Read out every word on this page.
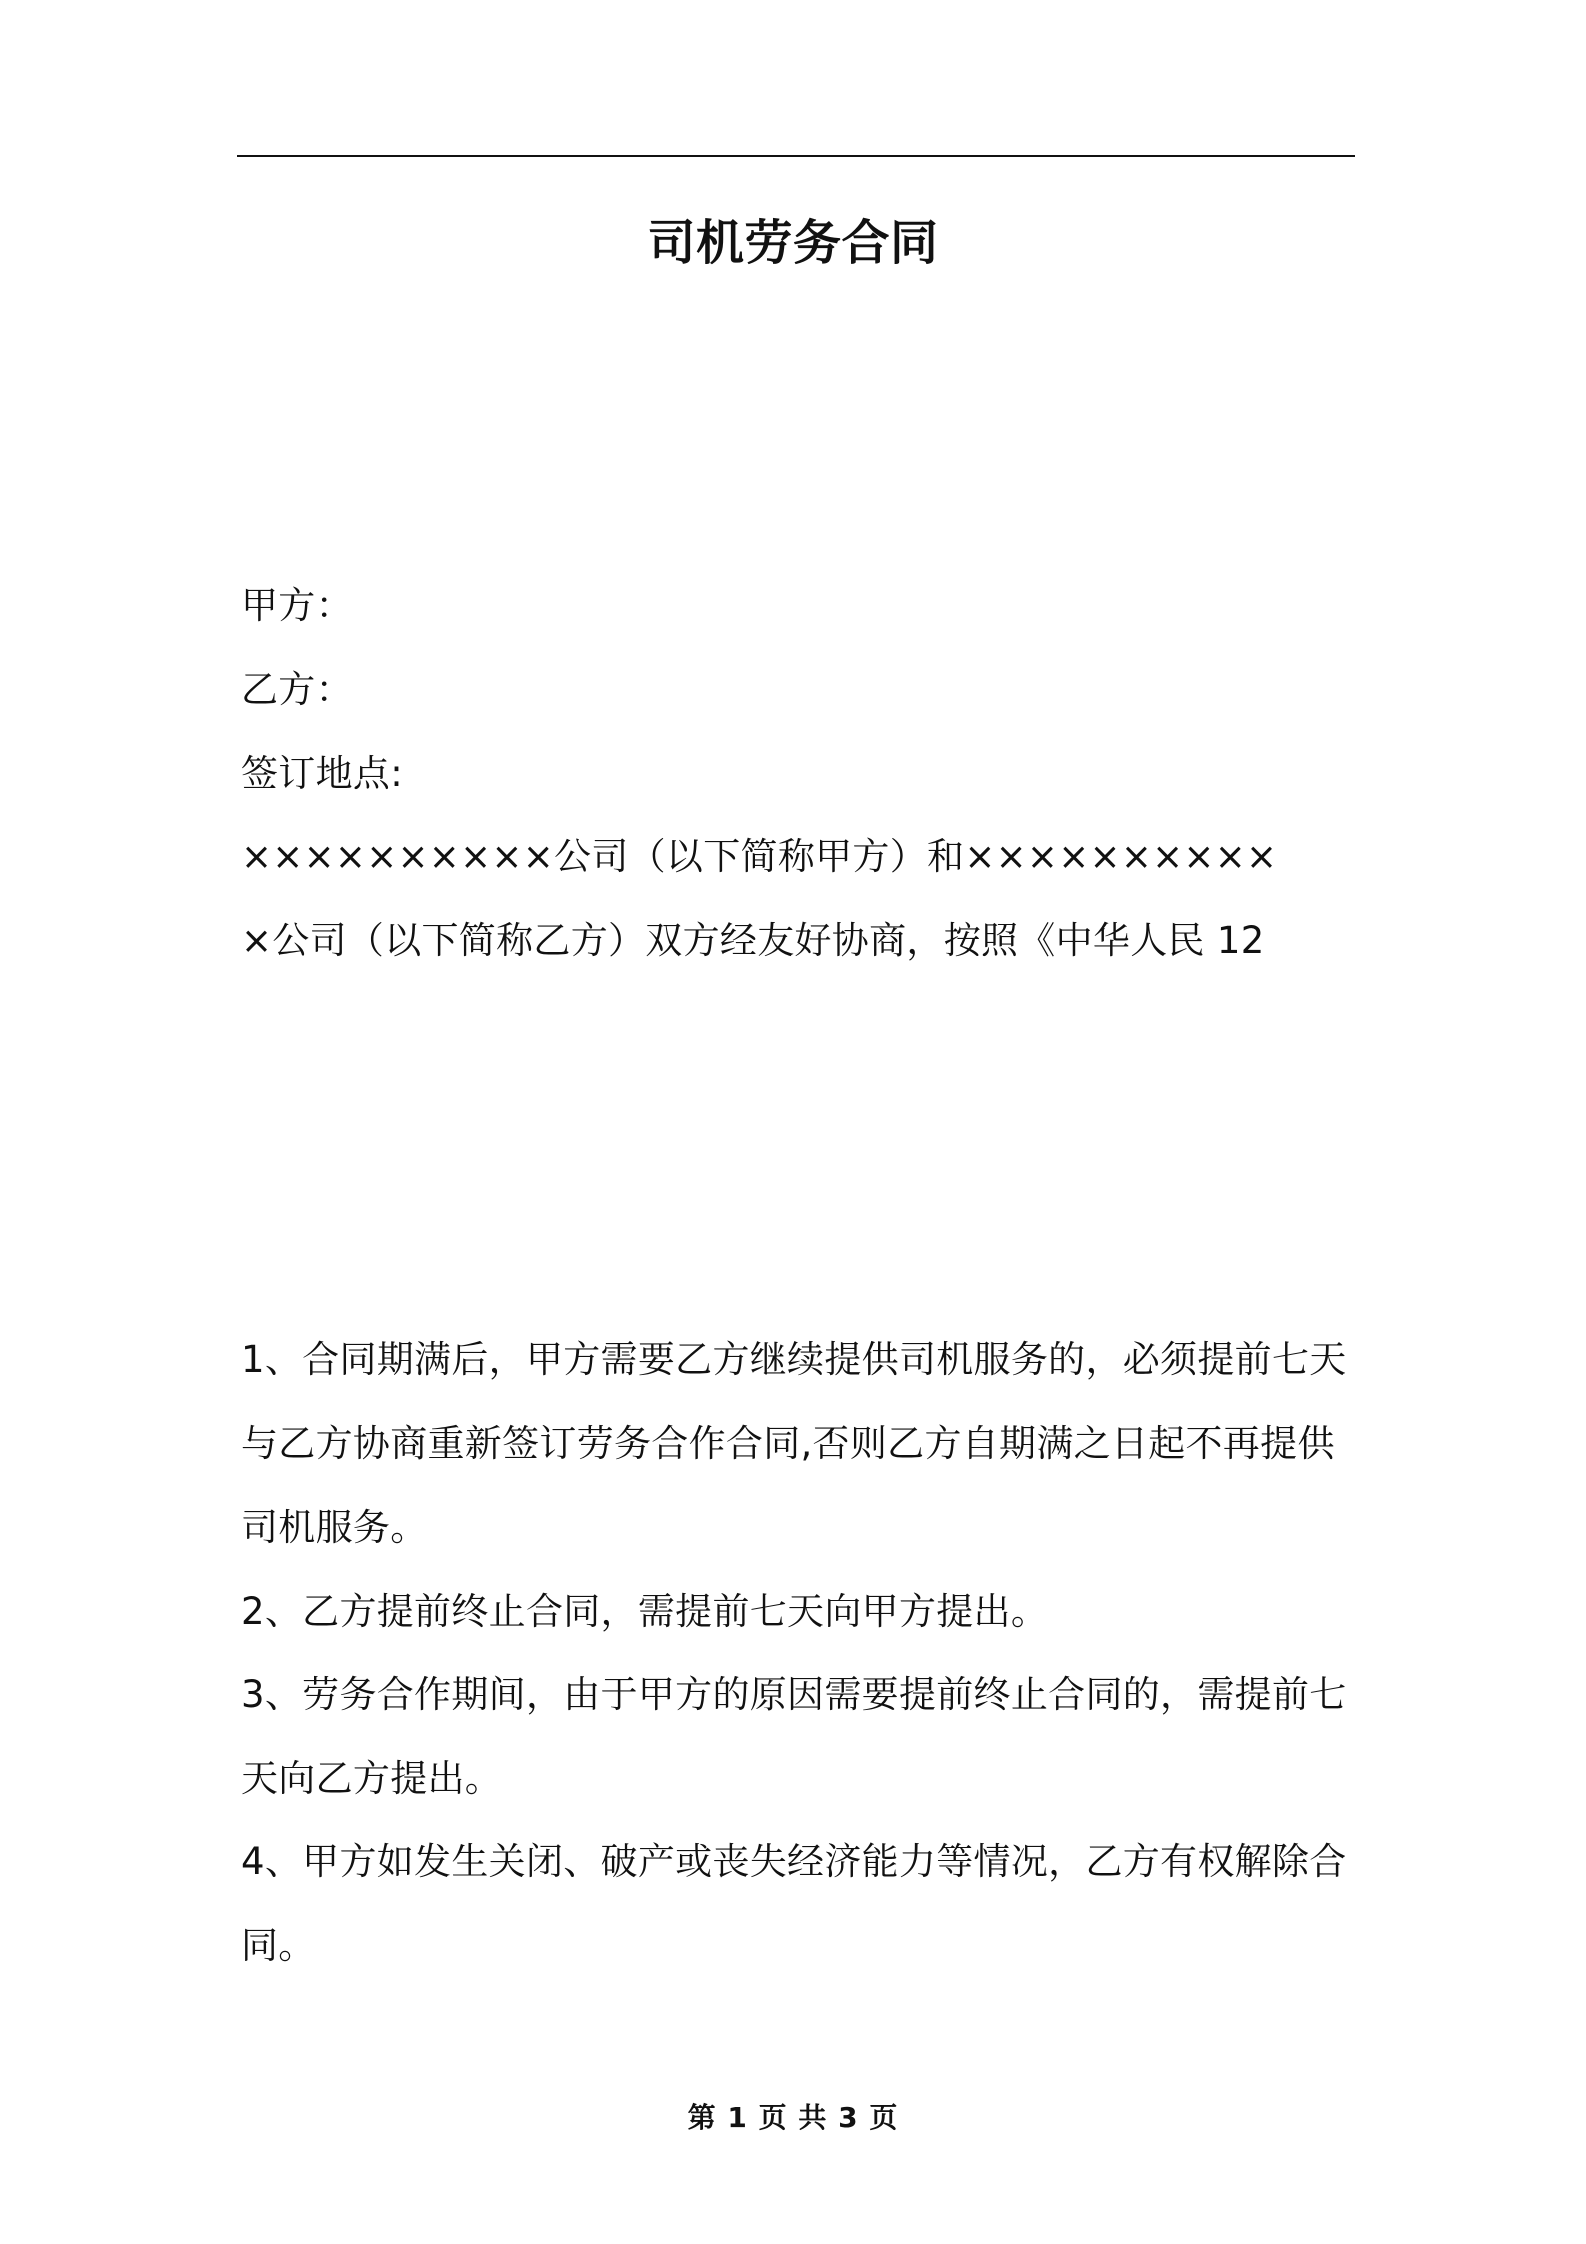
司机劳务合同
甲方：
乙方：
签订地点:
××××××××××公司（以下简称甲方）和××××××××××
×公司（以下简称乙方）双方经友好协商，按照《中华人民 12
1、合同期满后，甲方需要乙方继续提供司机服务的，必须提前七天
与乙方协商重新签订劳务合作合同,否则乙方自期满之日起不再提供
司机服务。
2、乙方提前终止合同，需提前七天向甲方提出。
3、劳务合作期间，由于甲方的原因需要提前终止合同的，需提前七
天向乙方提出。
4、甲方如发生关闭、破产或丧失经济能力等情况，乙方有权解除合
同。
第 1 页 共 3 页
